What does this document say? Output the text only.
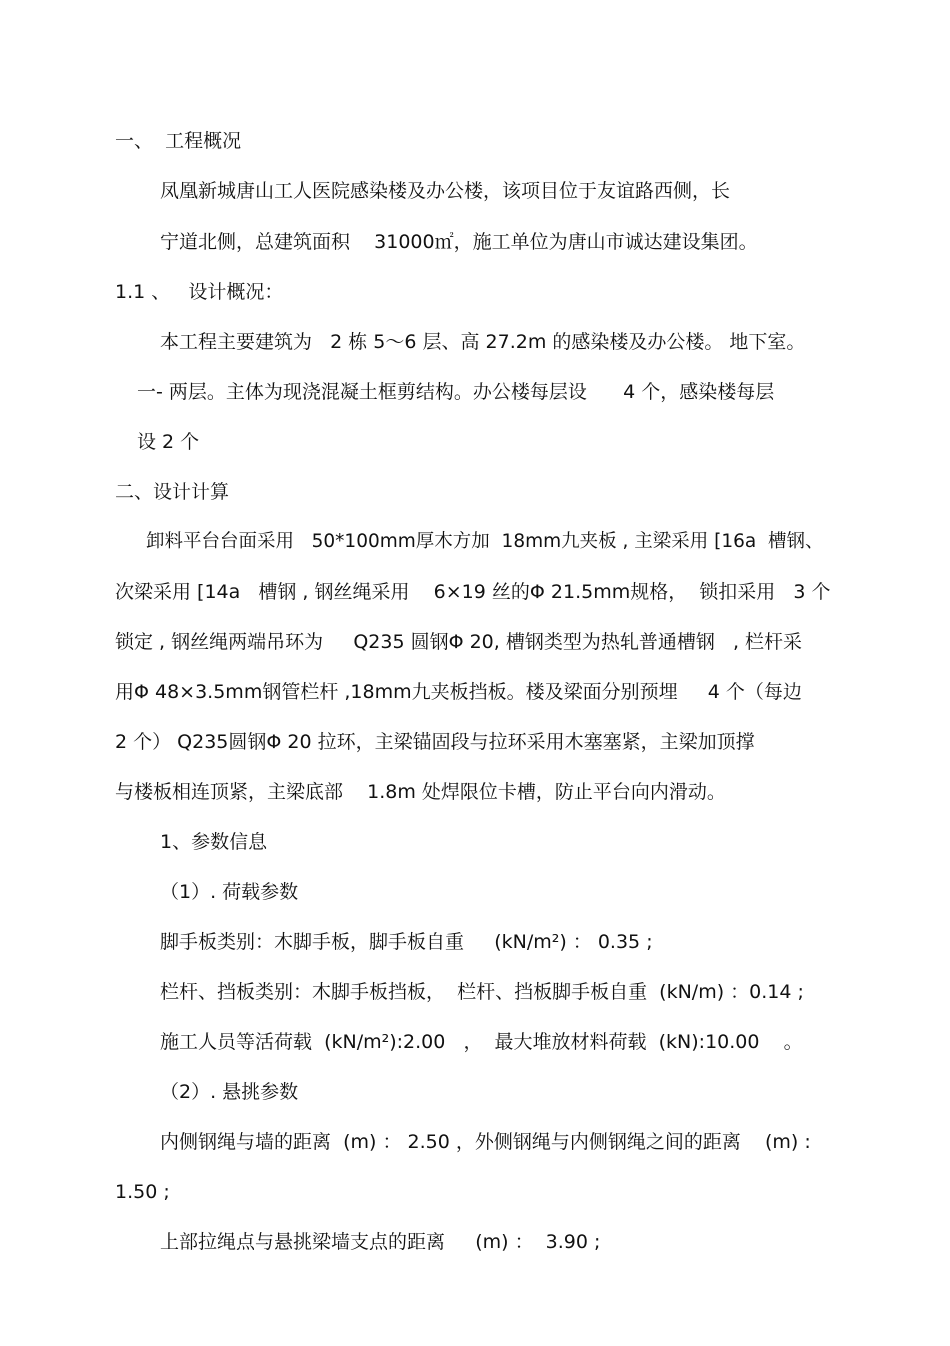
一、  工程概况
凤凰新城唐山工人医院感染楼及办公楼，该项目位于友谊路西侧，长
宁道北侧，总建筑面积    31000㎡，施工单位为唐山市诚达建设集团。
1.1 、   设计概况：
本工程主要建筑为   2 栋 5～6 层、高 27.2m 的感染楼及办公楼。 地下室。
一- 两层。主体为现浇混凝土框剪结构。办公楼每层设      4 个，感染楼每层
设 2 个
二、设计计算
卸料平台台面采用   50*100mm厚木方加  18mm九夹板 , 主梁采用 [16a  槽钢、
次梁采用 [14a   槽钢 , 钢丝绳采用    6×19 丝的Φ 21.5mm规格，  锁扣采用   3 个
锁定 , 钢丝绳两端吊环为     Q235 圆钢Φ 20, 槽钢类型为热轧普通槽钢   , 栏杆采
用Φ 48×3.5mm钢管栏杆 ,18mm九夹板挡板。楼及梁面分别预埋     4 个（每边
2 个） Q235圆钢Φ 20 拉环，主梁锚固段与拉环采用木塞塞紧，主梁加顶撑
与楼板相连顶紧，主梁底部    1.8m 处焊限位卡槽，防止平台向内滑动。
1、参数信息
（1）. 荷载参数
脚手板类别：木脚手板，脚手板自重     (kN/m²) ： 0.35 ;
栏杆、挡板类别：木脚手板挡板，  栏杆、挡板脚手板自重  (kN/m) ：0.14 ;
施工人员等活荷载  (kN/m²):2.00   ，  最大堆放材料荷载  (kN):10.00    。
（2）. 悬挑参数
内侧钢绳与墙的距离  (m) ： 2.50 ，外侧钢绳与内侧钢绳之间的距离    (m) :
1.50 ;
上部拉绳点与悬挑梁墙支点的距离     (m) ：  3.90 ;
